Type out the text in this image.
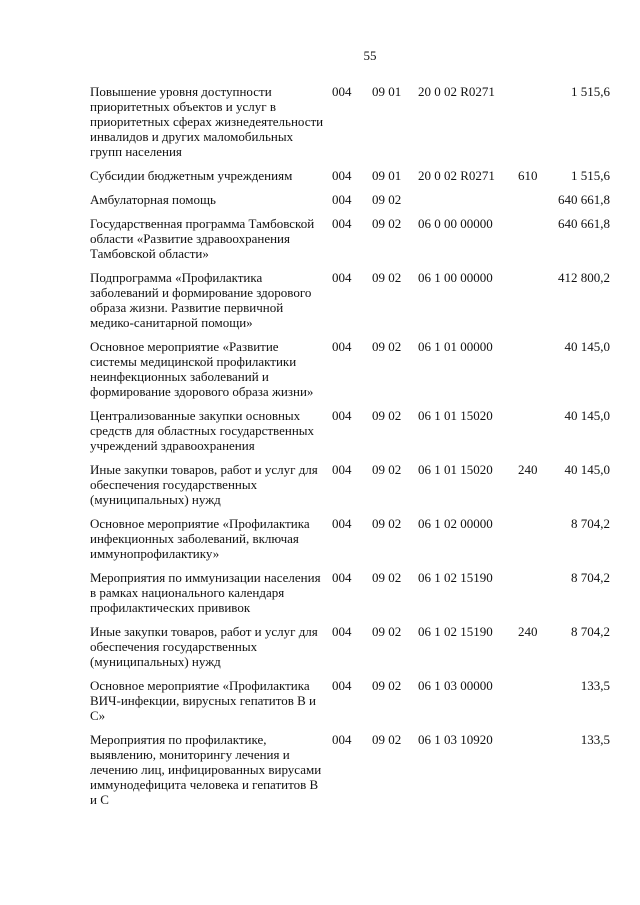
55
Повышение уровня доступности приоритетных объектов и услуг в приоритетных сферах жизнедеятельности инвалидов и других маломобильных групп населения	004	09 01	20 0 02 R0271		1 515,6

Субсидии бюджетным учреждениям	004	09 01	20 0 02 R0271	610	1 515,6

Амбулаторная помощь	004	09 02			640 661,8

Государственная программа Тамбовской области «Развитие здравоохранения Тамбовской области»	004	09 02	06 0 00 00000		640 661,8

Подпрограмма «Профилактика заболеваний и формирование здорового образа жизни. Развитие первичной медико-санитарной помощи»	004	09 02	06 1 00 00000		412 800,2

Основное мероприятие «Развитие системы медицинской профилактики неинфекционных заболеваний и формирование здорового образа жизни»	004	09 02	06 1 01 00000		40 145,0

Централизованные закупки основных средств для областных государственных учреждений здравоохранения	004	09 02	06 1 01 15020		40 145,0

Иные закупки товаров, работ и услуг для обеспечения государственных (муниципальных) нужд	004	09 02	06 1 01 15020	240	40 145,0

Основное мероприятие «Профилактика инфекционных заболеваний, включая иммунопрофилактику»	004	09 02	06 1 02 00000		8 704,2

Мероприятия по иммунизации населения в рамках национального календаря профилактических прививок	004	09 02	06 1 02 15190		8 704,2

Иные закупки товаров, работ и услуг для обеспечения государственных (муниципальных) нужд	004	09 02	06 1 02 15190	240	8 704,2

Основное мероприятие «Профилактика ВИЧ-инфекции, вирусных гепатитов В и С»	004	09 02	06 1 03 00000		133,5

Мероприятия по профилактике, выявлению, мониторингу лечения и лечению лиц, инфицированных вирусами иммунодефицита человека и гепатитов В и С	004	09 02	06 1 03 10920		133,5
